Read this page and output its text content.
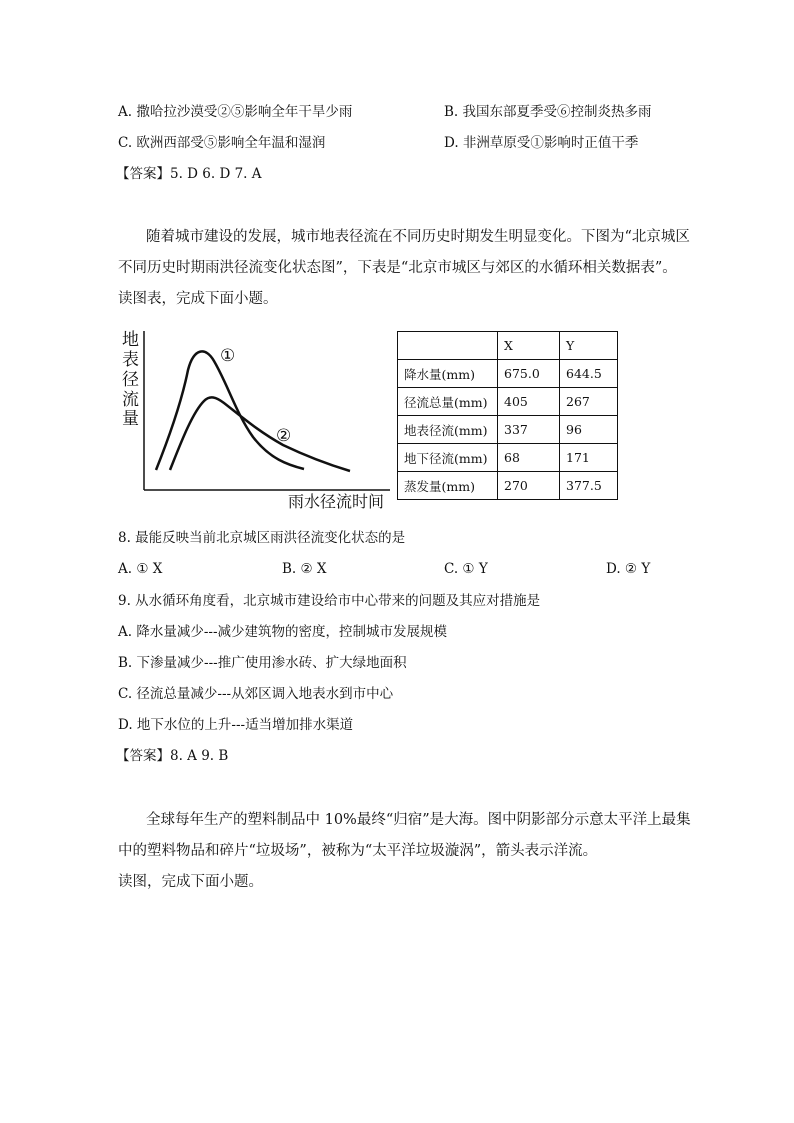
A. 撒哈拉沙漠受②⑤影响全年干旱少雨	B. 我国东部夏季受⑥控制炎热多雨
C. 欧洲西部受⑤影响全年温和湿润	D. 非洲草原受①影响时正值干季
【答案】5. D 6. D 7. A
随着城市建设的发展，城市地表径流在不同历史时期发生明显变化。下图为“北京城区
不同历史时期雨洪径流变化状态图”，下表是“北京市城区与郊区的水循环相关数据表”。
读图表，完成下面小题。
地
表
径
流
量
雨水径流时间
①
②
	X	Y
降水量(mm)	675.0	644.5
径流总量(mm)	405	267
地表径流(mm)	337	96
地下径流(mm)	68	171
蒸发量(mm)	270	377.5
8. 最能反映当前北京城区雨洪径流变化状态的是
A. ① X	B. ② X	C. ① Y	D. ② Y
9. 从水循环角度看，北京城市建设给市中心带来的问题及其应对措施是
A. 降水量减少---减少建筑物的密度，控制城市发展规模
B. 下渗量减少---推广使用渗水砖、扩大绿地面积
C. 径流总量减少---从郊区调入地表水到市中心
D. 地下水位的上升---适当增加排水渠道
【答案】8. A 9. B
全球每年生产的塑料制品中 10%最终“归宿”是大海。图中阴影部分示意太平洋上最集
中的塑料物品和碎片“垃圾场”，被称为“太平洋垃圾漩涡”，箭头表示洋流。
读图，完成下面小题。
